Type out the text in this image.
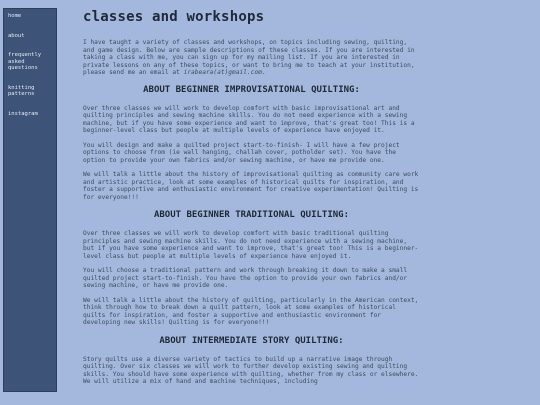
home
about
frequently asked questions
knitting patterns
instagram
classes and workshops

I have taught a variety of classes and workshops, on topics including sewing, quilting, and game design. Below are sample descriptions of these classes. If you are interested in taking a class with me, you can sign up for my mailing list. If you are interested in private lessons on any of these topics, or want to bring me to teach at your institution, please send me an email at irabeara(at)gmail.com.

ABOUT BEGINNER IMPROVISATIONAL QUILTING:

Over three classes we will work to develop comfort with basic improvisational art and quilting principles and sewing machine skills. You do not need experience with a sewing machine, but if you have some experience and want to improve, that's great too! This is a beginner-level class but people at multiple levels of experience have enjoyed it.

You will design and make a quilted project start-to-finish- I will have a few project options to choose from (ie wall hanging, challah cover, potholder set). You have the option to provide your own fabrics and/or sewing machine, or have me provide one.

We will talk a little about the history of improvisational quilting as community care work and artistic practice, look at some examples of historical quilts for inspiration, and foster a supportive and enthusiastic environment for creative experimentation! Quilting is for everyone!!!

ABOUT BEGINNER TRADITIONAL QUILTING:

Over three classes we will work to develop comfort with basic traditional quilting principles and sewing machine skills. You do not need experience with a sewing machine, but if you have some experience and want to improve, that's great too! This is a beginner-level class but people at multiple levels of experience have enjoyed it.

You will choose a traditional pattern and work through breaking it down to make a small quilted project start-to-finish. You have the option to provide your own fabrics and/or sewing machine, or have me provide one.

We will talk a little about the history of quilting, particularly in the American context, think through how to break down a quilt pattern, look at some examples of historical quilts for inspiration, and foster a supportive and enthusiastic environment for developing new skills! Quilting is for everyone!!!

ABOUT INTERMEDIATE STORY QUILTING:

Story quilts use a diverse variety of tactics to build up a narrative image through quilting. Over six classes we will work to further develop existing sewing and quilting skills. You should have some experience with quilting, whether from my class or elsewhere. We will utilize a mix of hand and machine techniques, including
